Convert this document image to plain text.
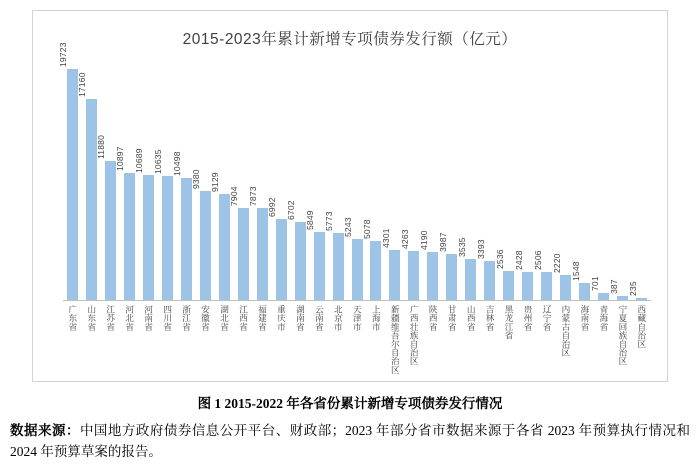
2015-2023年累计新增专项债券发行额（亿元）
19723
17160
11880 10897 10689 10635 10498
9380 9129
7904 7873
6992 6702
5849 5773 5243 5078 4301 4263 4190 3987 3535 3393
2536 2428 2506 2220 1548
701 387 235
广东省 山东省 江苏省 河北省 河南省 四川省 浙江省 安徽省 湖北省 江西省 福建省 重庆市 湖南省 云南省 北京市 天津市 上海市 新疆维吾尔自治区 广西壮族自治区 陕西省 甘肃省 山西省 吉林省 黑龙江省 贵州省 辽宁省 内蒙古自治区 海南省 青海省 宁夏回族自治区 西藏自治区
图 1 2015-2022 年各省份累计新增专项债券发行情况
数据来源：中国地方政府债券信息公开平台、财政部；2023 年部分省市数据来源于各省 2023 年预算执行情况和 2024 年预算草案的报告。
